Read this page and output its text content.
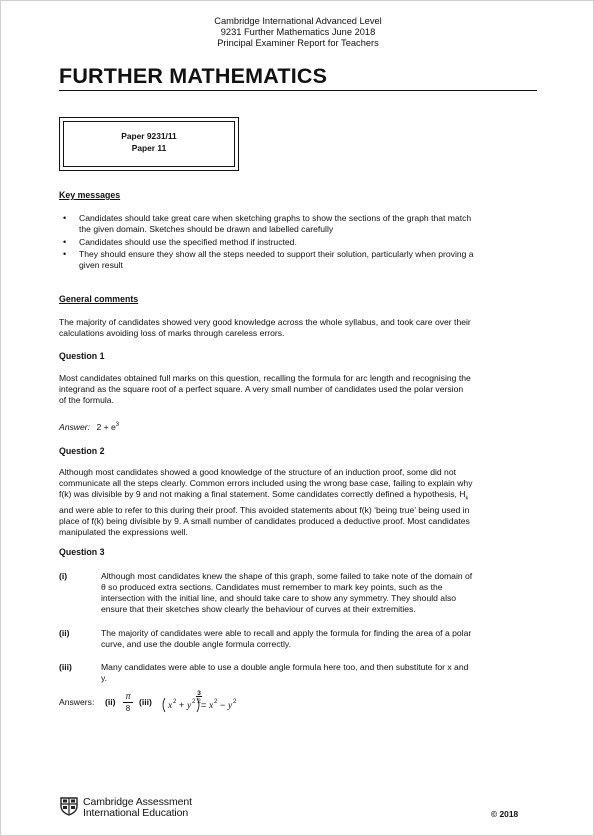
Cambridge International Advanced Level
9231 Further Mathematics June 2018
Principal Examiner Report for Teachers
FURTHER MATHEMATICS
Paper 9231/11
Paper 11
Key messages
• Candidates should take great care when sketching graphs to show the sections of the graph that match
the given domain. Sketches should be drawn and labelled carefully
• Candidates should use the specified method if instructed.
• They should ensure they show all the steps needed to support their solution, particularly when proving a
given result
General comments
The majority of candidates showed very good knowledge across the whole syllabus, and took care over their
calculations avoiding loss of marks through careless errors.
Question 1
Most candidates obtained full marks on this question, recalling the formula for arc length and recognising the
integrand as the square root of a perfect square. A very small number of candidates used the polar version
of the formula.
Answer: $2 + e^3$
Question 2
Although most candidates showed a good knowledge of the structure of an induction proof, some did not
communicate all the steps clearly. Common errors included using the wrong base case, failing to explain why
f(k) was divisible by 9 and not making a final statement. Some candidates correctly defined a hypothesis, $H_k$
and were able to refer to this during their proof. This avoided statements about f(k) ‘being true’ being used in
place of f(k) being divisible by 9. A small number of candidates produced a deductive proof. Most candidates
manipulated the expressions well.
Question 3
(i)	Although most candidates knew the shape of this graph, some failed to take note of the domain of
θ so produced extra sections. Candidates must remember to mark key points, such as the
intersection with the initial line, and should take care to show any symmetry. They should also
ensure that their sketches show clearly the behaviour of curves at their extremities.
(ii)	The majority of candidates were able to recall and apply the formula for finding the area of a polar
curve, and use the double angle formula correctly.
(iii)	Many candidates were able to use a double angle formula here too, and then substitute for x and
y.
Answers: (ii)
π
8
(iii) x 2 + y 2 = x 2 − y 2
3
2
Cambridge Assessment
International Education	© 2018
